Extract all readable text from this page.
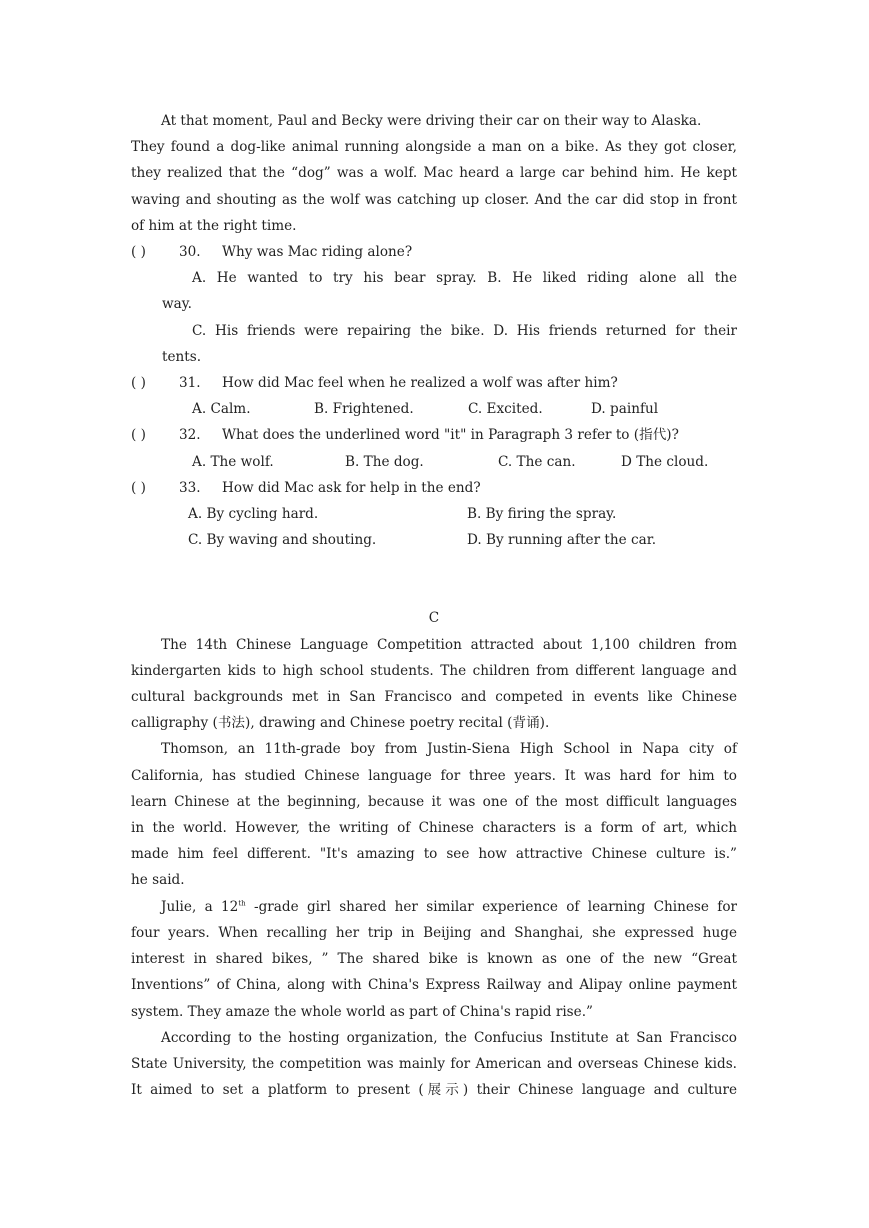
At that moment, Paul and Becky were driving their car on their way to Alaska.
They found a dog-like animal running alongside a man on a bike. As they got closer,
they realized that the “dog” was a wolf. Mac heard a large car behind him. He kept
waving and shouting as the wolf was catching up closer. And the car did stop in front
of him at the right time.
( )	30.	Why was Mac riding alone?
A. He wanted to try his bear spray. B. He liked riding alone all the
way.
C. His friends were repairing the bike. D. His friends returned for their
tents.
( )	31.	How did Mac feel when he realized a wolf was after him?
A. Calm.	B. Frightened.	C. Excited.	D. painful
( )	32.	What does the underlined word "it" in Paragraph 3 refer to (指代)?
A. The wolf.	B. The dog.	C. The can.	D The cloud.
( )	33.	How did Mac ask for help in the end?
A. By cycling hard.	B. By firing the spray.
C. By waving and shouting.	D. By running after the car.
C
The 14th Chinese Language Competition attracted about 1,100 children from
kindergarten kids to high school students. The children from different language and
cultural backgrounds met in San Francisco and competed in events like Chinese
calligraphy (书法), drawing and Chinese poetry recital (背诵).
Thomson, an 11th-grade boy from Justin-Siena High School in Napa city of
California, has studied Chinese language for three years. It was hard for him to
learn Chinese at the beginning, because it was one of the most difficult languages
in the world. However, the writing of Chinese characters is a form of art, which
made him feel different. "It's amazing to see how attractive Chinese culture is.”
he said.
Julie, a 12th -grade girl shared her similar experience of learning Chinese for
four years. When recalling her trip in Beijing and Shanghai, she expressed huge
interest in shared bikes, ” The shared bike is known as one of the new “Great
Inventions” of China, along with China's Express Railway and Alipay online payment
system. They amaze the whole world as part of China's rapid rise.”
According to the hosting organization, the Confucius Institute at San Francisco
State University, the competition was mainly for American and overseas Chinese kids.
It aimed to set a platform to present (展示) their Chinese language and culture
